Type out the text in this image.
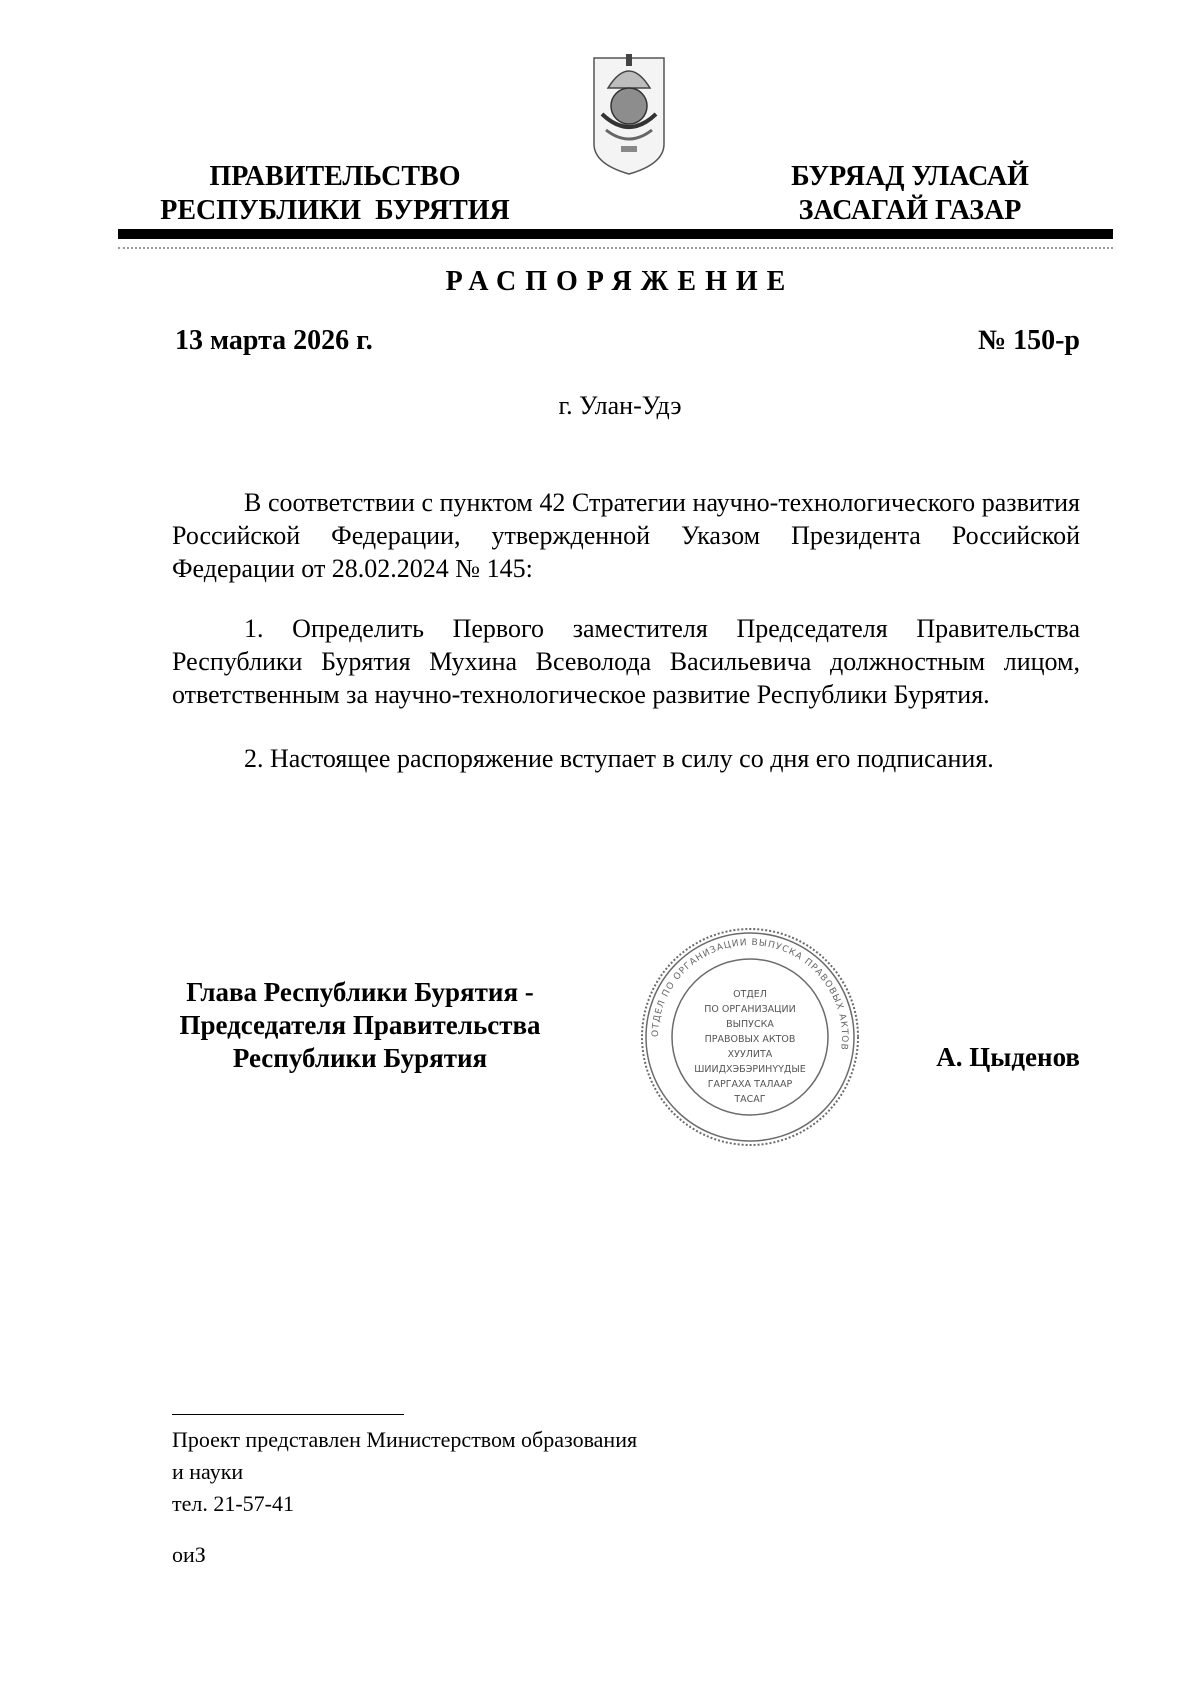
ПРАВИТЕЛЬСТВО
РЕСПУБЛИКИ  БУРЯТИЯ
БУРЯАД УЛАСАЙ
ЗАСАГАЙ ГАЗАР
РАСПОРЯЖЕНИЕ
13 марта 2026 г.	№ 150-р
г. Улан-Удэ

В соответствии с пунктом 42 Стратегии научно-технологического развития Российской Федерации, утвержденной Указом Президента Российской Федерации от 28.02.2024 № 145:

1. Определить Первого заместителя Председателя Правительства Республики Бурятия Мухина Всеволода Васильевича должностным лицом, ответственным за научно-технологическое развитие Республики Бурятия.

2. Настоящее распоряжение вступает в силу со дня его подписания.

Глава Республики Бурятия -
Председателя Правительства
Республики Бурятия
ОТДЕЛ ПО ОРГАНИЗАЦИИ ВЫПУСКА ПРАВОВЫХ АКТОВ
ОТДЕЛ
ПО ОРГАНИЗАЦИИ
ВЫПУСКА
ПРАВОВЫХ АКТОВ
ХУУЛИТА
ШИИДХЭБЭРИНҮҮДЫЕ
ГАРГАХА ТАЛААР
ТАСАГ
А. Цыденов
Проект представлен Министерством образования
и науки
тел. 21-57-41
оиЗ
